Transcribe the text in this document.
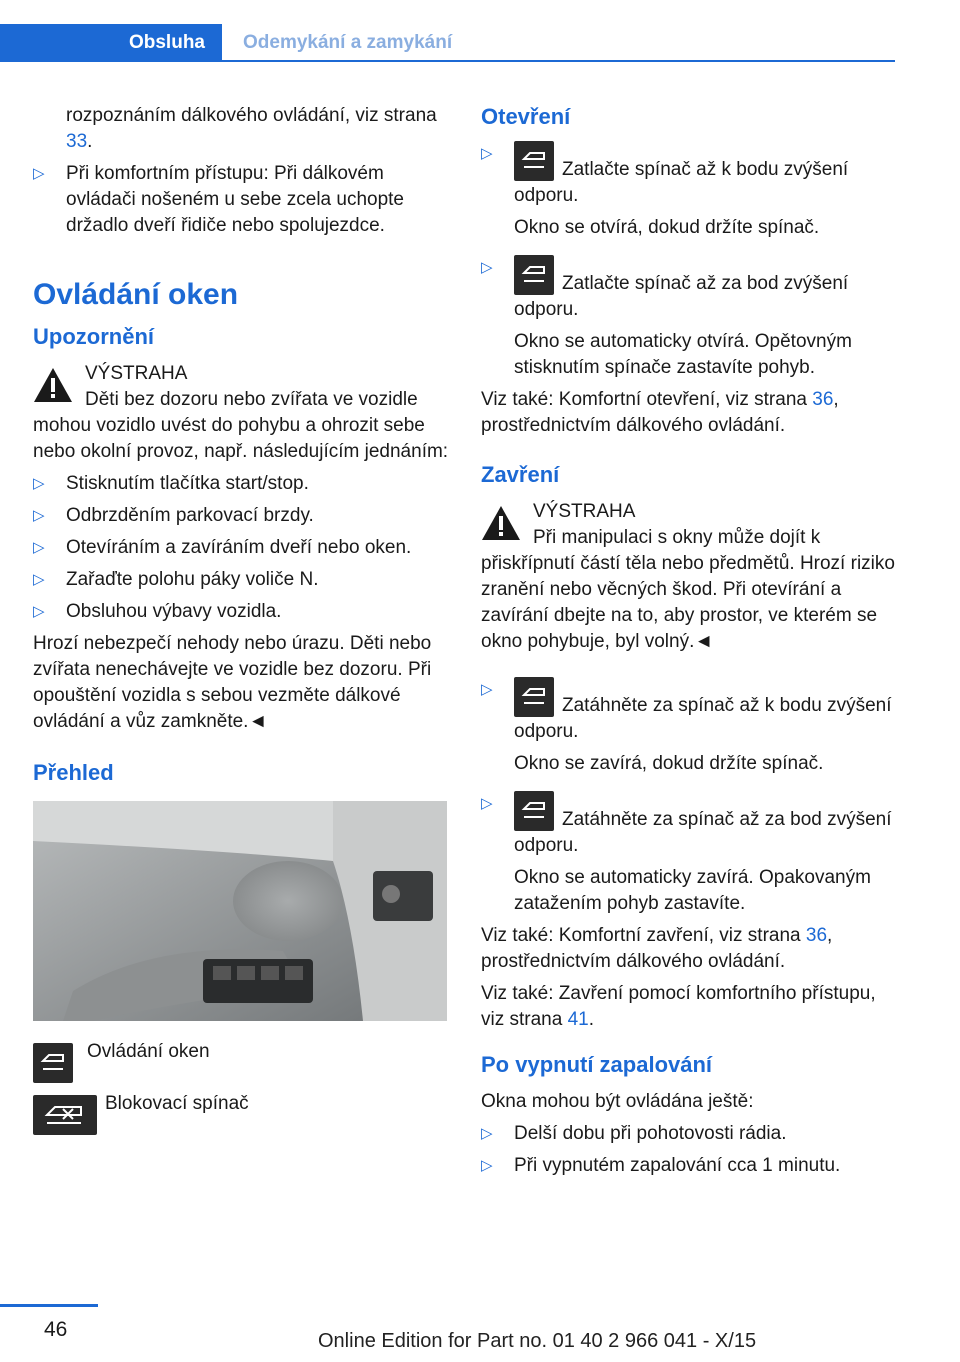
Obsluha	Odemykání a zamykání

rozpoznáním dálkového ovládání, viz strana 33.

▷ Při komfortním přístupu: Při dálkovém ovládači nošeném u sebe zcela uchopte držadlo dveří řidiče nebo spolujezdce.
Ovládání oken
Upozornění
VÝSTRAHA

Děti bez dozoru nebo zvířata ve vozidle mohou vozidlo uvést do pohybu a ohrozit sebe nebo okolní provoz, např. následujícím jednáním:

▷ Stisknutím tlačítka start/stop.
▷ Odbrzděním parkovací brzdy.
▷ Otevíráním a zavíráním dveří nebo oken.
▷ Zařaďte polohu páky voliče N.
▷ Obsluhou výbavy vozidla.

Hrozí nebezpečí nehody nebo úrazu. Děti nebo zvířata nenechávejte ve vozidle bez dozoru. Při opouštění vozidla s sebou vezměte dálkové ovládání a vůz zamkněte.◄

Přehled
Ovládání oken
Blokovací spínač
Otevření
▷
Zatlačte spínač až k bodu zvýšení odporu.

Okno se otvírá, dokud držíte spínač.

▷
Zatlačte spínač až za bod zvýšení odporu.

Okno se automaticky otvírá. Opětovným stisknutím spínače zastavíte pohyb.

Viz také: Komfortní otevření, viz strana 36, prostřednictvím dálkového ovládání.

Zavření
VÝSTRAHA

Při manipulaci s okny může dojít k přiskřípnutí částí těla nebo předmětů. Hrozí riziko zranění nebo věcných škod. Při otevírání a zavírání dbejte na to, aby prostor, ve kterém se okno pohybuje, byl volný.◄

▷
Zatáhněte za spínač až k bodu zvýšení odporu.

Okno se zavírá, dokud držíte spínač.

▷
Zatáhněte za spínač až za bod zvýšení odporu.

Okno se automaticky zavírá. Opakovaným zatažením pohyb zastavíte.

Viz také: Komfortní zavření, viz strana 36, prostřednictvím dálkového ovládání.

Viz také: Zavření pomocí komfortního přístupu, viz strana 41.

Po vypnutí zapalování

Okna mohou být ovládána ještě:

▷ Delší dobu při pohotovosti rádia.
▷ Při vypnutém zapalování cca 1 minutu.
46	Online Edition for Part no. 01 40 2 966 041 - X/15
